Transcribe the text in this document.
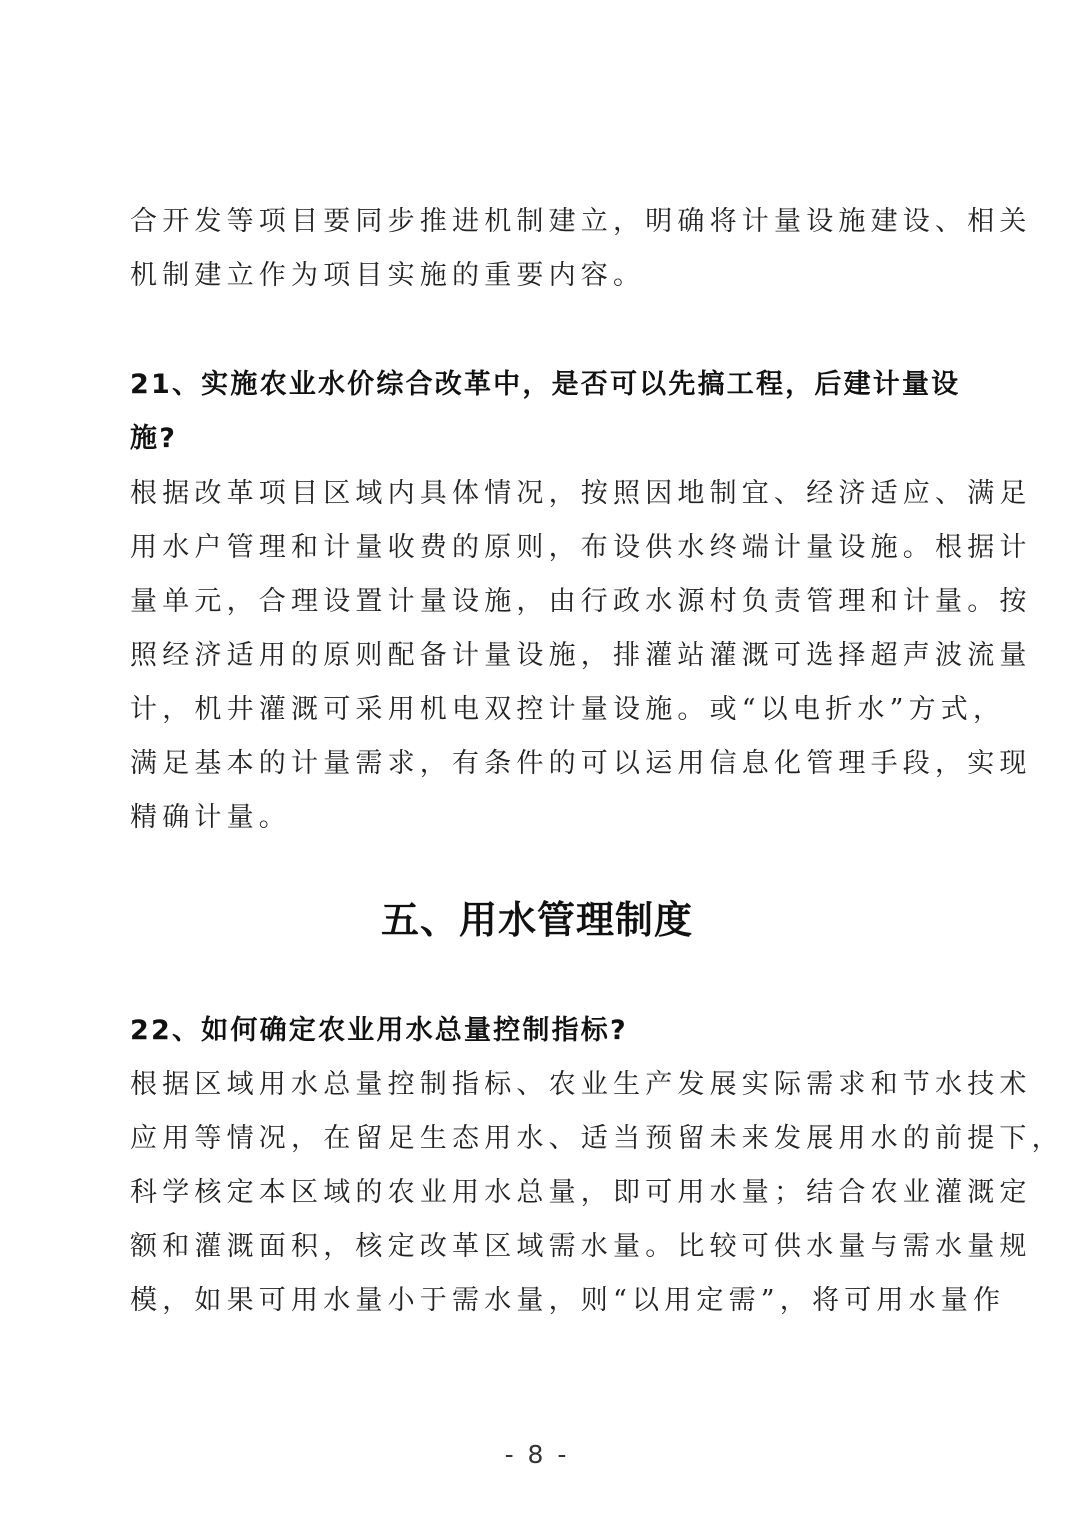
合开发等项目要同步推进机制建立，明确将计量设施建设、相关
机制建立作为项目实施的重要内容。
21、实施农业水价综合改革中，是否可以先搞工程，后建计量设
施?
根据改革项目区域内具体情况，按照因地制宜、经济适应、满足
用水户管理和计量收费的原则，布设供水终端计量设施。根据计
量单元，合理设置计量设施，由行政水源村负责管理和计量。按
照经济适用的原则配备计量设施，排灌站灌溉可选择超声波流量
计，机井灌溉可采用机电双控计量设施。或“以电折水”方式，
满足基本的计量需求，有条件的可以运用信息化管理手段，实现
精确计量。
五、用水管理制度
22、如何确定农业用水总量控制指标?
根据区域用水总量控制指标、农业生产发展实际需求和节水技术
应用等情况，在留足生态用水、适当预留未来发展用水的前提下，
科学核定本区域的农业用水总量，即可用水量；结合农业灌溉定
额和灌溉面积，核定改革区域需水量。比较可供水量与需水量规
模，如果可用水量小于需水量，则“以用定需”，将可用水量作
- 8 -
